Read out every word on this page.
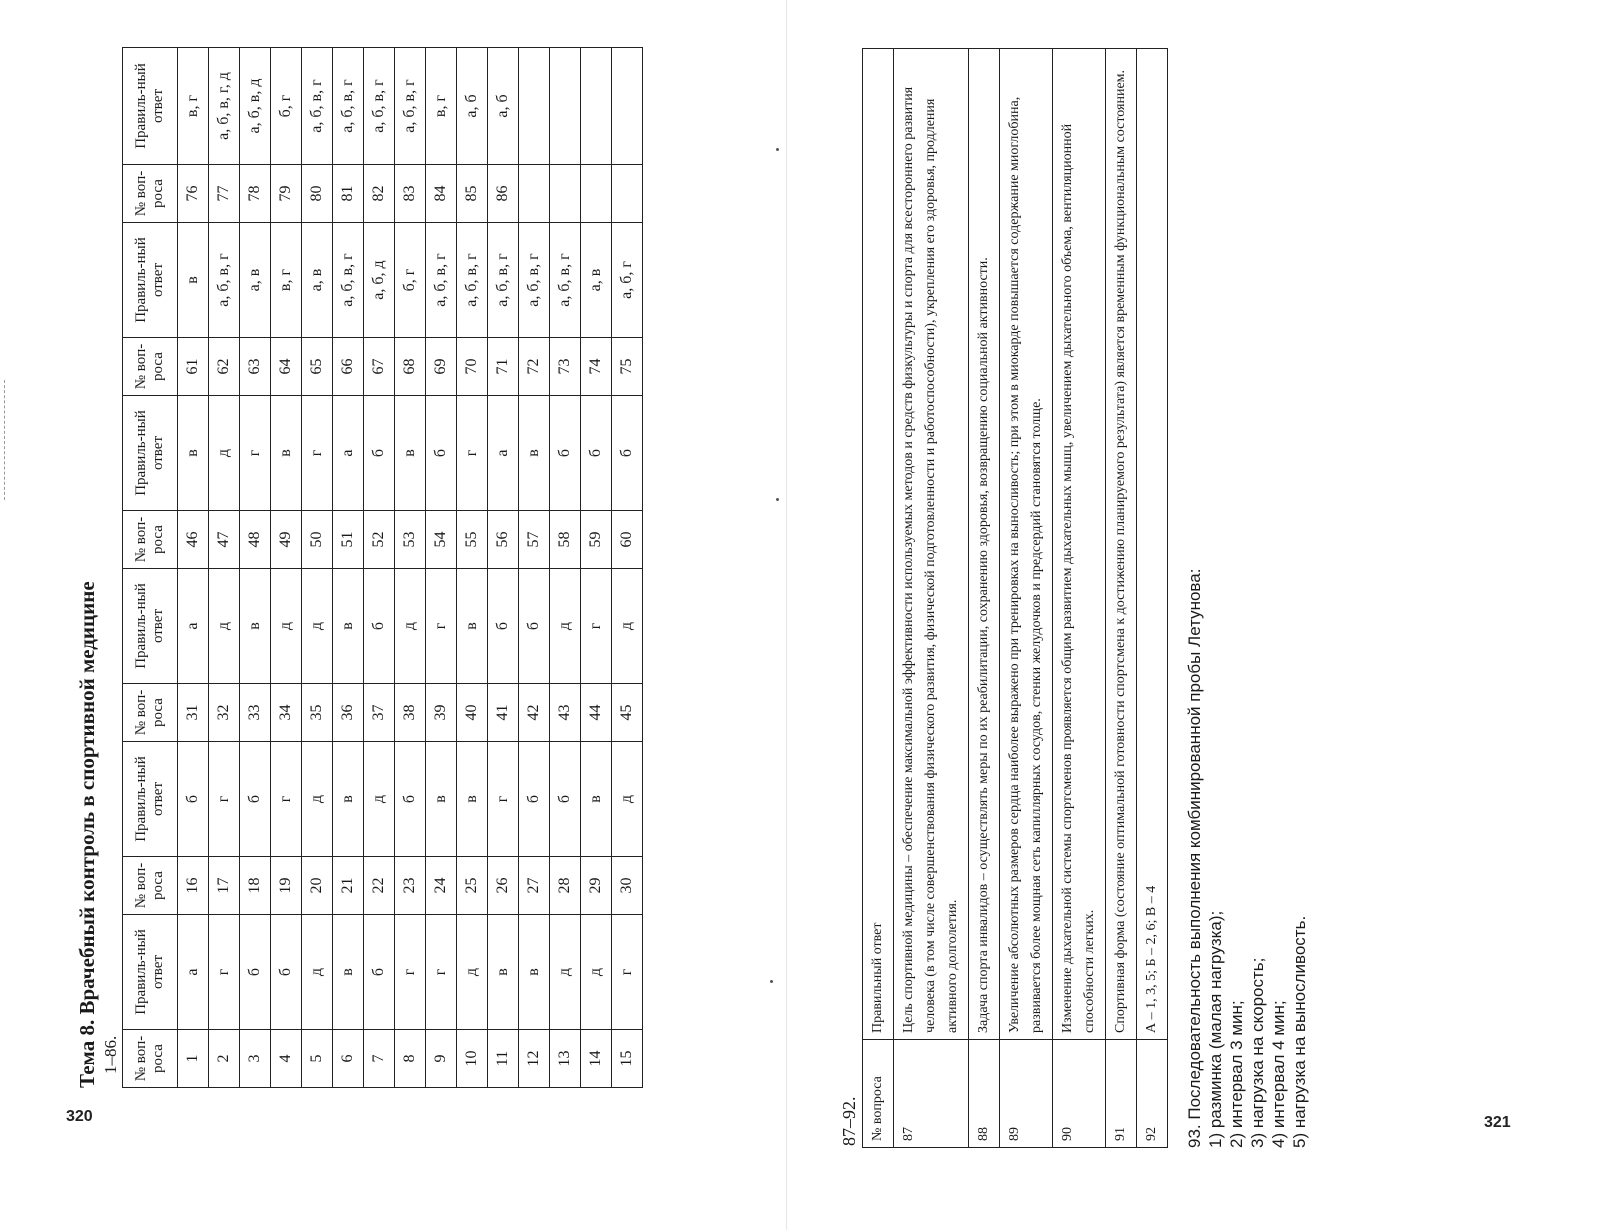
320	321
Тема 8. Врачебный контроль в спортивной медицине 1–86. № воп-роса	Правиль-ный ответ	№ воп-роса	Правиль-ный ответ	№ воп-роса	Правиль-ный ответ	№ воп-роса	Правиль-ный ответ	№ воп-роса	Правиль-ный ответ	№ воп-роса	Правиль-ный ответ
1	а	16	б	31	а	46	в	61	в	76	в, г
2	г	17	г	32	д	47	д	62	а, б, в, г	77	а, б, в, г, д
3	б	18	б	33	в	48	г	63	а, в	78	а, б, в, д
4	б	19	г	34	д	49	в	64	в, г	79	б, г
5	д	20	д	35	д	50	г	65	а, в	80	а, б, в, г
6	в	21	в	36	в	51	а	66	а, б, в, г	81	а, б, в, г
7	б	22	д	37	б	52	б	67	а, б, д	82	а, б, в, г
8	г	23	б	38	д	53	в	68	б, г	83	а, б, в, г
9	г	24	в	39	г	54	б	69	а, б, в, г	84	в, г
10	д	25	в	40	в	55	г	70	а, б, в, г	85	а, б
11	в	26	г	41	б	56	а	71	а, б, в, г	86	а, б
12	в	27	б	42	б	57	в	72	а, б, в, г		
13	д	28	б	43	д	58	б	73	а, б, в, г		
14	д	29	в	44	г	59	б	74	а, в		
15	г	30	д	45	д	60	б	75	а, б, г		
87–92. № вопроса	Правильный ответ
87	Цель спортивной медицины – обеспечение максимальной эффективности используемых методов и средств физкультуры и спорта для всестороннего развития человека (в том числе совершенствования физического развития, физической подготовленности и работоспособности), укрепления его здоровья, продления активного долголетия.
88	Задача спорта инвалидов – осуществлять меры по их реабилитации, сохранению здоровья, возвращению социальной активности.
89	Увеличение абсолютных размеров сердца наиболее выражено при тренировках на выносливость; при этом в миокарде повышается содержание миоглобина, развивается более мощная сеть капиллярных сосудов, стенки желудочков и предсердий становятся толще.
90	Изменение дыхательной системы спортсменов проявляется общим развитием дыхательных мышц, увеличением дыхательного объема, вентиляционной способности легких.
91	Спортивная форма (состояние оптимальной готовности спортсмена к достижению планируемого результата) является временным функциональным состоянием.
92	А – 1, 3, 5; Б – 2, 6; В – 4 93. Последовательность выполнения комбинированной пробы Летунова: 1) разминка (малая нагрузка); 2) интервал 3 мин; 3) нагрузка на скорость; 4) интервал 4 мин; 5) нагрузка на выносливость.
